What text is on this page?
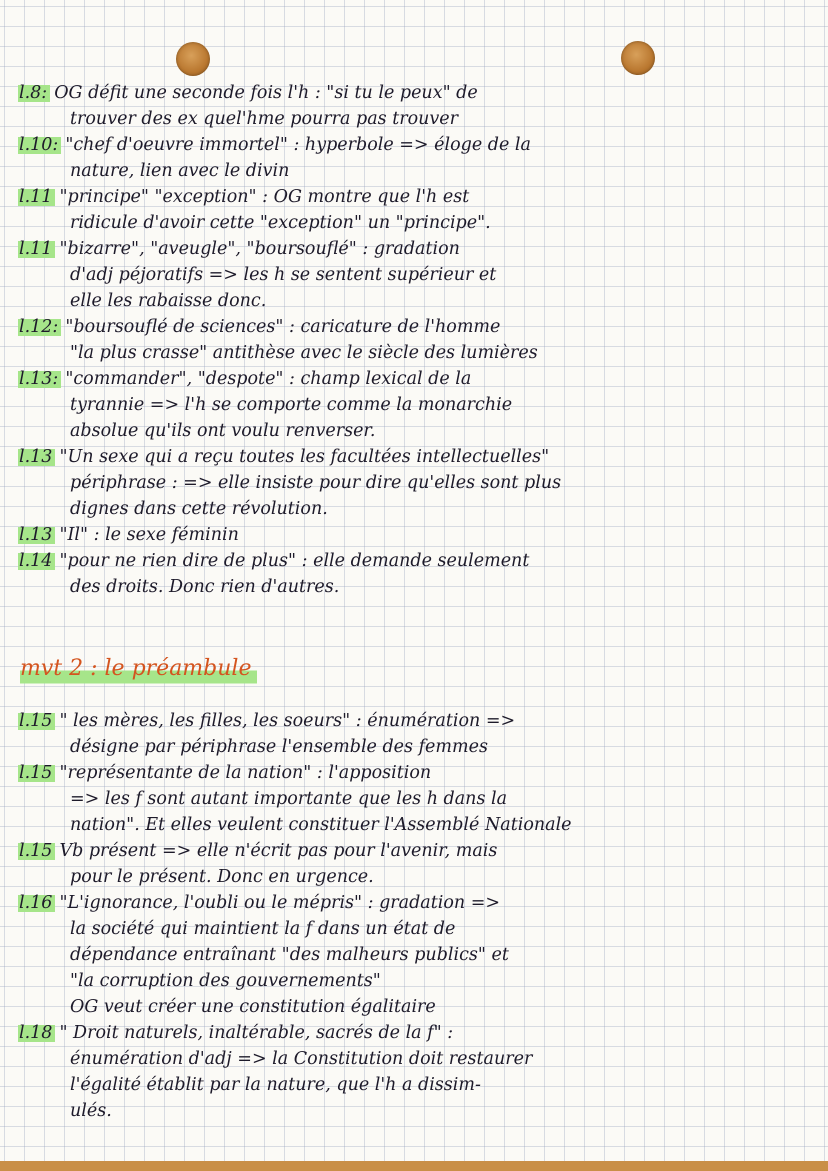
l.8: OG défit une seconde fois l'h : "si tu le peux" de
trouver des ex quel'hme pourra pas trouver
l.10: "chef d'oeuvre immortel" : hyperbole => éloge de la
nature, lien avec le divin
l.11 "principe" "exception" : OG montre que l'h est
ridicule d'avoir cette "exception" un "principe".
l.11 "bizarre", "aveugle", "boursouflé" : gradation
d'adj péjoratifs => les h se sentent supérieur et
elle les rabaisse donc.
l.12: "boursouflé de sciences" : caricature de l'homme
"la plus crasse" antithèse avec le siècle des lumières
l.13: "commander", "despote" : champ lexical de la
tyrannie => l'h se comporte comme la monarchie
absolue qu'ils ont voulu renverser.
l.13 "Un sexe qui a reçu toutes les facultées intellectuelles"
périphrase : => elle insiste pour dire qu'elles sont plus
dignes dans cette révolution.
l.13 "Il" : le sexe féminin
l.14 "pour ne rien dire de plus" : elle demande seulement
des droits. Donc rien d'autres.
mvt 2 : le préambule
l.15 " les mères, les filles, les soeurs" : énumération =>
désigne par périphrase l'ensemble des femmes
l.15 "représentante de la nation" : l'apposition
=> les f sont autant importante que les h dans la
nation". Et elles veulent constituer l'Assemblé Nationale
l.15 Vb présent => elle n'écrit pas pour l'avenir, mais
pour le présent. Donc en urgence.
l.16 "L'ignorance, l'oubli ou le mépris" : gradation =>
la société qui maintient la f dans un état de
dépendance entraînant "des malheurs publics" et
"la corruption des gouvernements"
OG veut créer une constitution égalitaire
l.18 " Droit naturels, inaltérable, sacrés de la f" :
énumération d'adj => la Constitution doit restaurer
l'égalité établit par la nature, que l'h a dissim-
ulés.
